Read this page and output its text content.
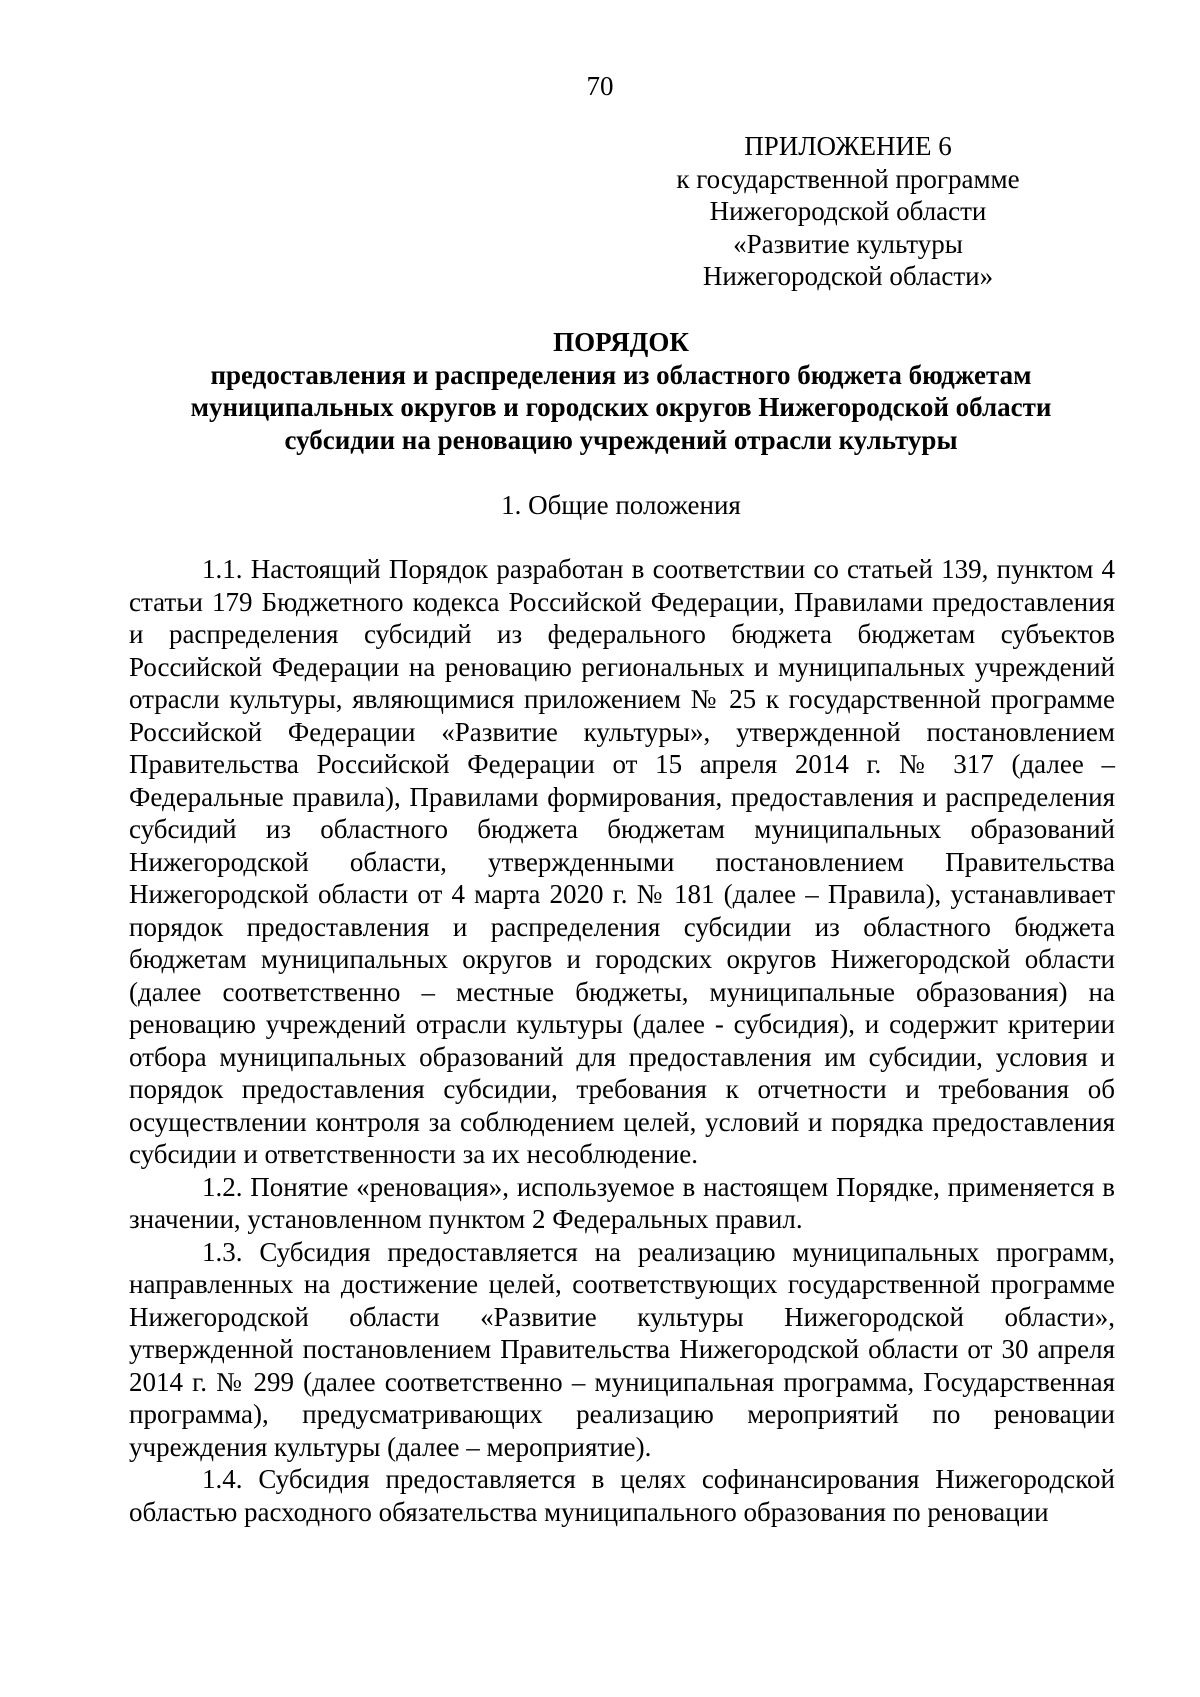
70
ПРИЛОЖЕНИЕ 6
к государственной программе
Нижегородской области
«Развитие культуры
Нижегородской области»
ПОРЯДОК
предоставления и распределения из областного бюджета бюджетам
муниципальных округов и городских округов Нижегородской области
субсидии на реновацию учреждений отрасли культуры
1. Общие положения

1.1. Настоящий Порядок разработан в соответствии со статьей 139, пунктом 4 статьи 179 Бюджетного кодекса Российской Федерации, Правилами предоставления и распределения субсидий из федерального бюджета бюджетам субъектов Российской Федерации на реновацию региональных и муниципальных учреждений отрасли культуры, являющимися приложением № 25 к государственной программе Российской Федерации «Развитие культуры», утвержденной постановлением Правительства Российской Федерации от 15 апреля 2014 г. № 317 (далее – Федеральные правила), Правилами формирования, предоставления и распределения субсидий из областного бюджета бюджетам муниципальных образований Нижегородской области, утвержденными постановлением Правительства Нижегородской области от 4 марта 2020 г. № 181 (далее – Правила), устанавливает порядок предоставления и распределения субсидии из областного бюджета бюджетам муниципальных округов и городских округов Нижегородской области (далее соответственно – местные бюджеты, муниципальные образования) на реновацию учреждений отрасли культуры (далее - субсидия), и содержит критерии отбора муниципальных образований для предоставления им субсидии, условия и порядок предоставления субсидии, требования к отчетности и требования об осуществлении контроля за соблюдением целей, условий и порядка предоставления субсидии и ответственности за их несоблюдение.

1.2. Понятие «реновация», используемое в настоящем Порядке, применяется в значении, установленном пунктом 2 Федеральных правил.

1.3. Субсидия предоставляется на реализацию муниципальных программ, направленных на достижение целей, соответствующих государственной программе Нижегородской области «Развитие культуры Нижегородской области», утвержденной постановлением Правительства Нижегородской области от 30 апреля 2014 г. № 299 (далее соответственно – муниципальная программа, Государственная программа), предусматривающих реализацию мероприятий по реновации учреждения культуры (далее – мероприятие).

1.4. Субсидия предоставляется в целях софинансирования Нижегородской областью расходного обязательства муниципального образования по реновации
